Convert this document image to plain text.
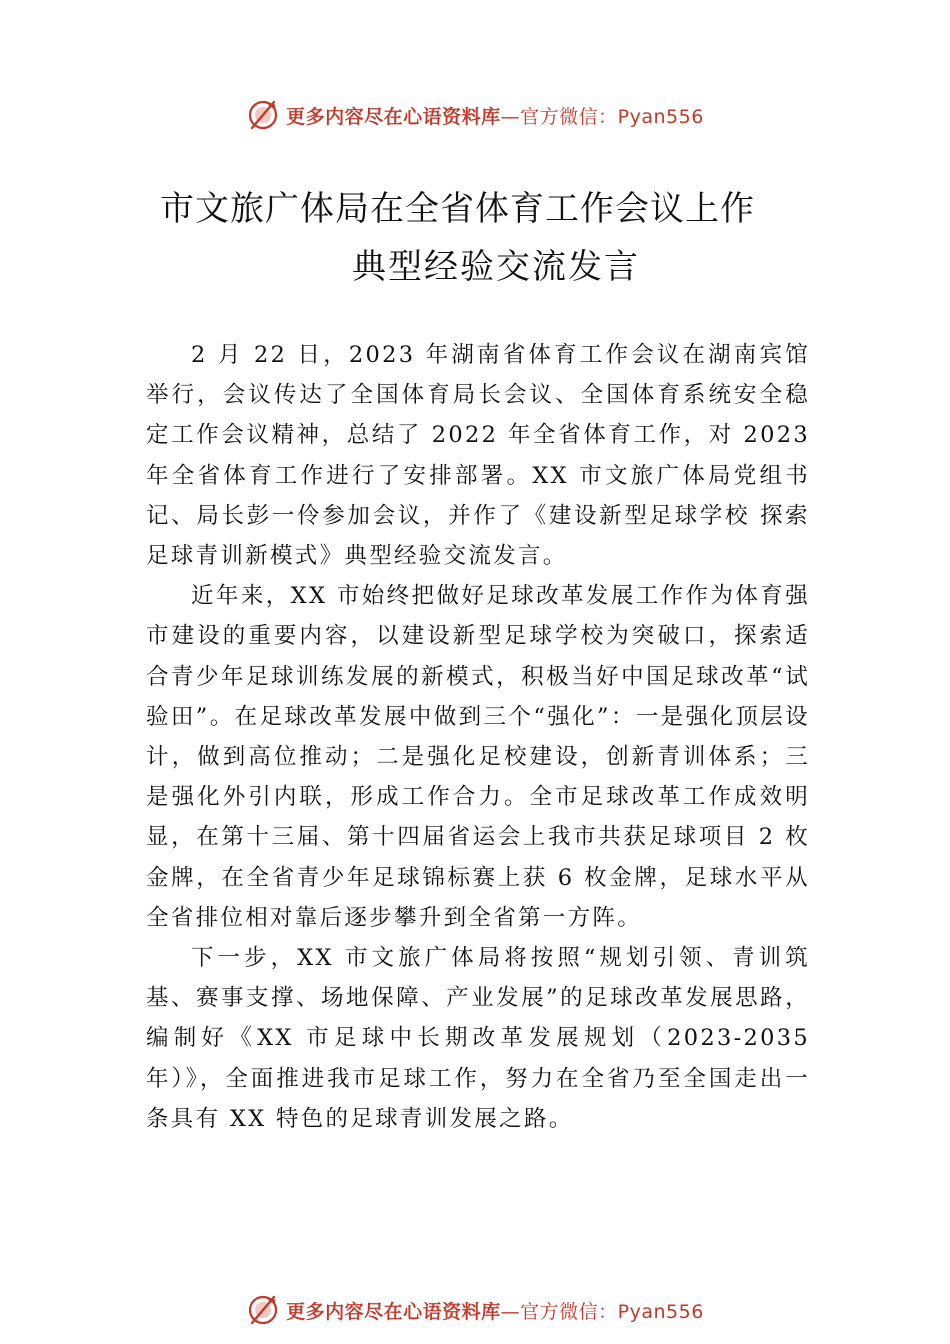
更多内容尽在心语资料库—官方微信：Pyan556
市文旅广体局在全省体育工作会议上作
典型经验交流发言

2 月 22 日，2023 年湖南省体育工作会议在湖南宾馆举行，会议传达了全国体育局长会议、全国体育系统安全稳定工作会议精神，总结了 2022 年全省体育工作，对 2023 年全省体育工作进行了安排部署。XX 市文旅广体局党组书记、局长彭一伶参加会议，并作了《建设新型足球学校 探索足球青训新模式》典型经验交流发言。

近年来，XX 市始终把做好足球改革发展工作作为体育强市建设的重要内容，以建设新型足球学校为突破口，探索适合青少年足球训练发展的新模式，积极当好中国足球改革“试验田”。在足球改革发展中做到三个“强化”：一是强化顶层设计，做到高位推动；二是强化足校建设，创新青训体系；三是强化外引内联，形成工作合力。全市足球改革工作成效明显，在第十三届、第十四届省运会上我市共获足球项目 2 枚金牌，在全省青少年足球锦标赛上获 6 枚金牌，足球水平从全省排位相对靠后逐步攀升到全省第一方阵。

下一步，XX 市文旅广体局将按照“规划引领、青训筑基、赛事支撑、场地保障、产业发展”的足球改革发展思路，编制好《XX 市足球中长期改革发展规划（2023-2035 年）》，全面推进我市足球工作，努力在全省乃至全国走出一条具有 XX 特色的足球青训发展之路。

更多内容尽在心语资料库—官方微信：Pyan556
